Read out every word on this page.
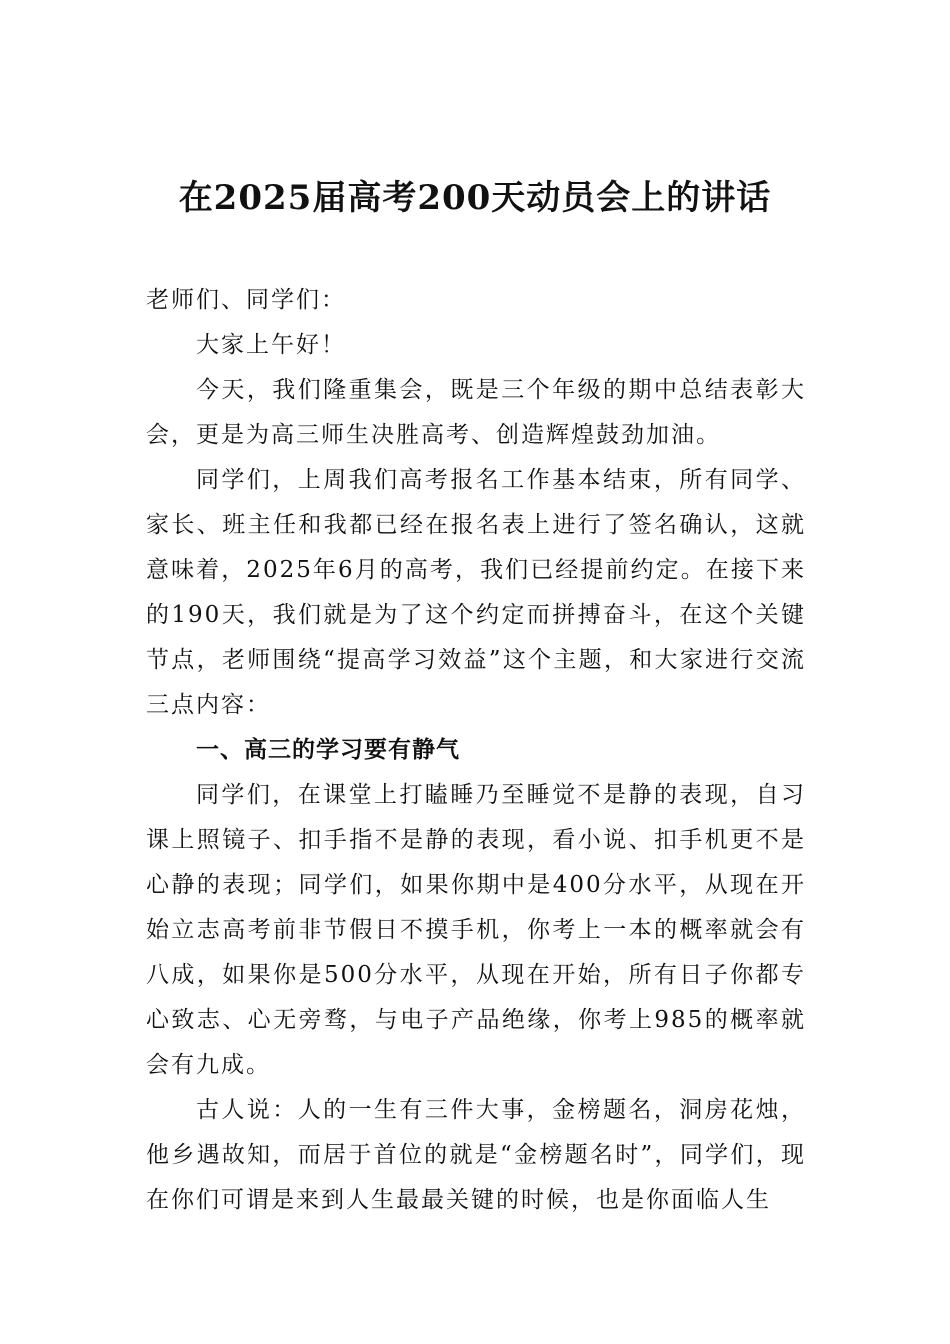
在2025届高考200天动员会上的讲话

老师们、同学们：

大家上午好！

今天，我们隆重集会，既是三个年级的期中总结表彰大会，更是为高三师生决胜高考、创造辉煌鼓劲加油。

同学们，上周我们高考报名工作基本结束，所有同学、家长、班主任和我都已经在报名表上进行了签名确认，这就意味着，2025年6月的高考，我们已经提前约定。在接下来的190天，我们就是为了这个约定而拼搏奋斗，在这个关键节点，老师围绕“提高学习效益”这个主题，和大家进行交流三点内容：

一、高三的学习要有静气

同学们，在课堂上打瞌睡乃至睡觉不是静的表现，自习课上照镜子、扣手指不是静的表现，看小说、扣手机更不是心静的表现；同学们，如果你期中是400分水平，从现在开始立志高考前非节假日不摸手机，你考上一本的概率就会有八成，如果你是500分水平，从现在开始，所有日子你都专心致志、心无旁骛，与电子产品绝缘，你考上985的概率就会有九成。

古人说：人的一生有三件大事，金榜题名，洞房花烛，他乡遇故知，而居于首位的就是“金榜题名时”，同学们，现在你们可谓是来到人生最最关键的时候，也是你面临人生
